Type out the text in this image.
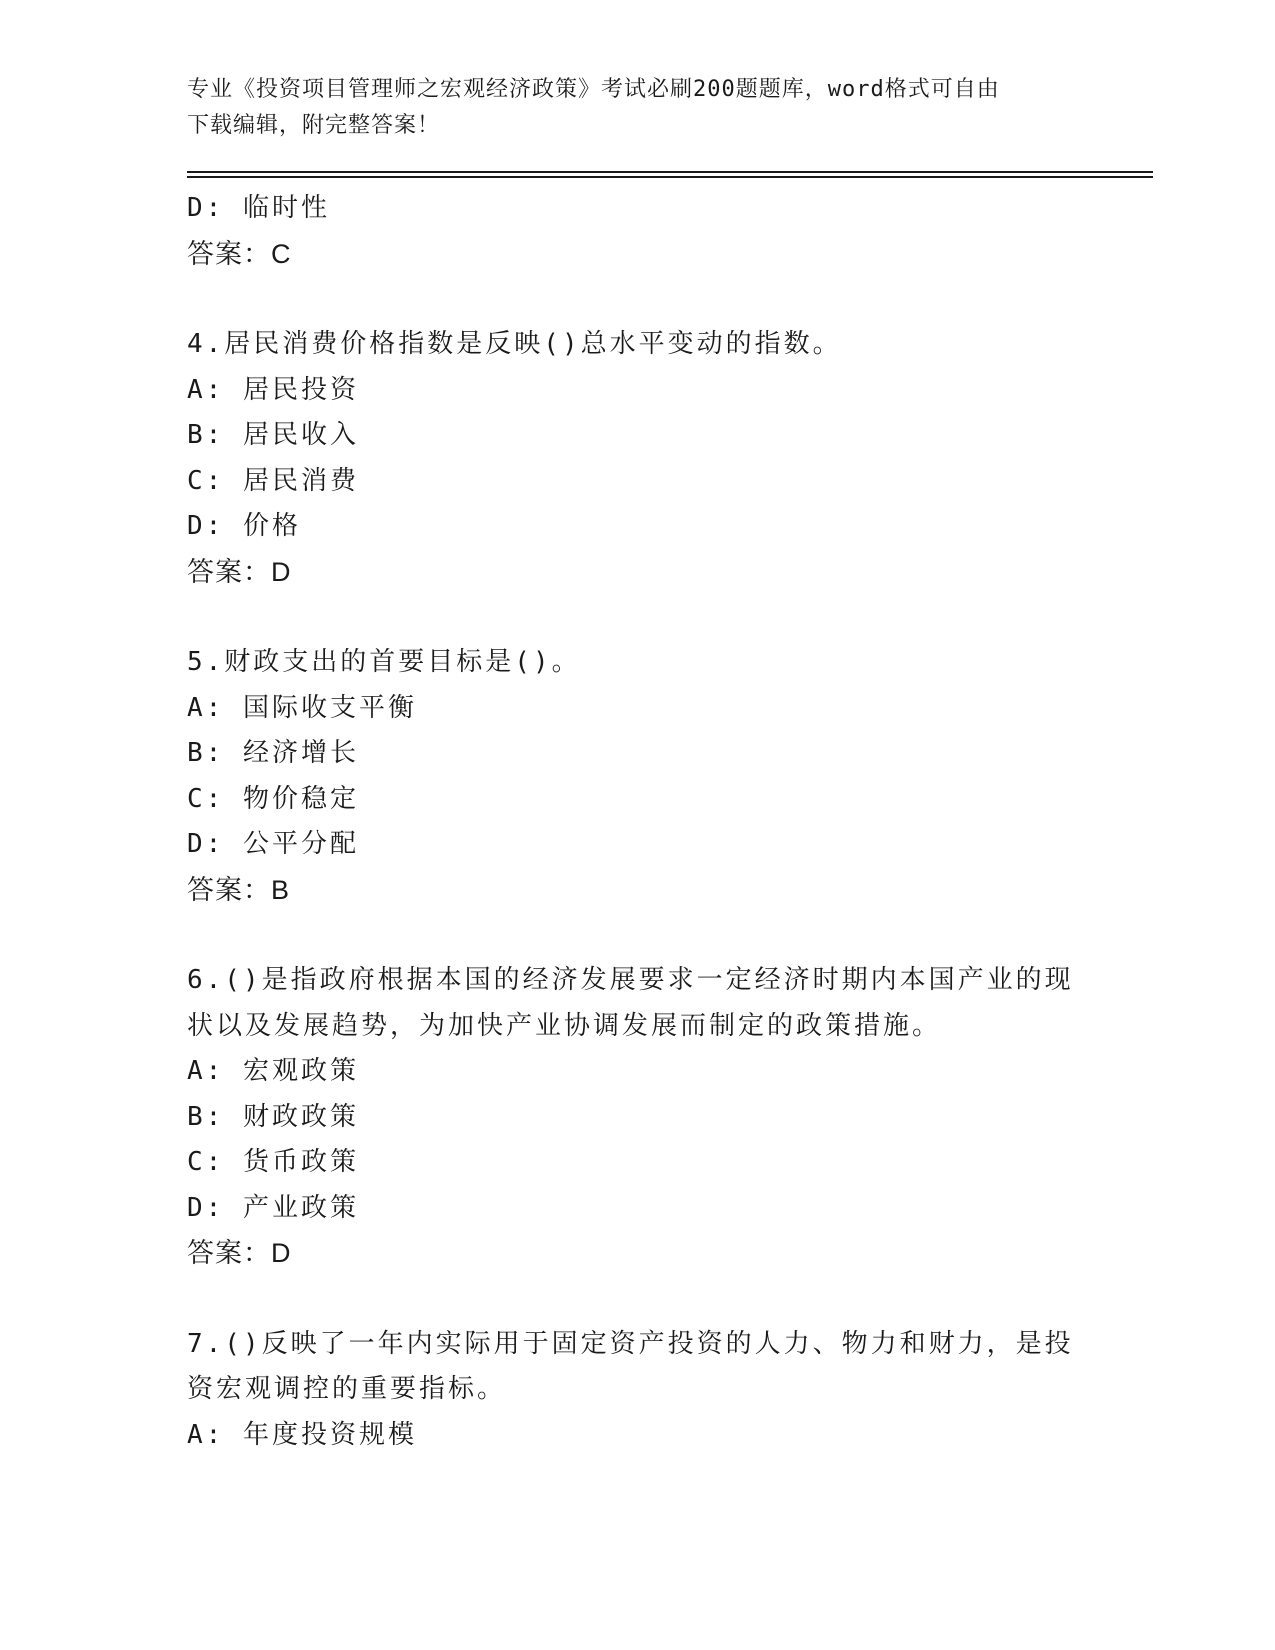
专业《投资项目管理师之宏观经济政策》考试必刷200题题库，word格式可自由
下载编辑，附完整答案！
D: 临时性
答案：C
4.居民消费价格指数是反映()总水平变动的指数。
A: 居民投资
B: 居民收入
C: 居民消费
D: 价格
答案：D
5.财政支出的首要目标是()。
A: 国际收支平衡
B: 经济增长
C: 物价稳定
D: 公平分配
答案：B
6.()是指政府根据本国的经济发展要求一定经济时期内本国产业的现
状以及发展趋势，为加快产业协调发展而制定的政策措施。
A: 宏观政策
B: 财政政策
C: 货币政策
D: 产业政策
答案：D
7.()反映了一年内实际用于固定资产投资的人力、物力和财力，是投
资宏观调控的重要指标。
A: 年度投资规模
